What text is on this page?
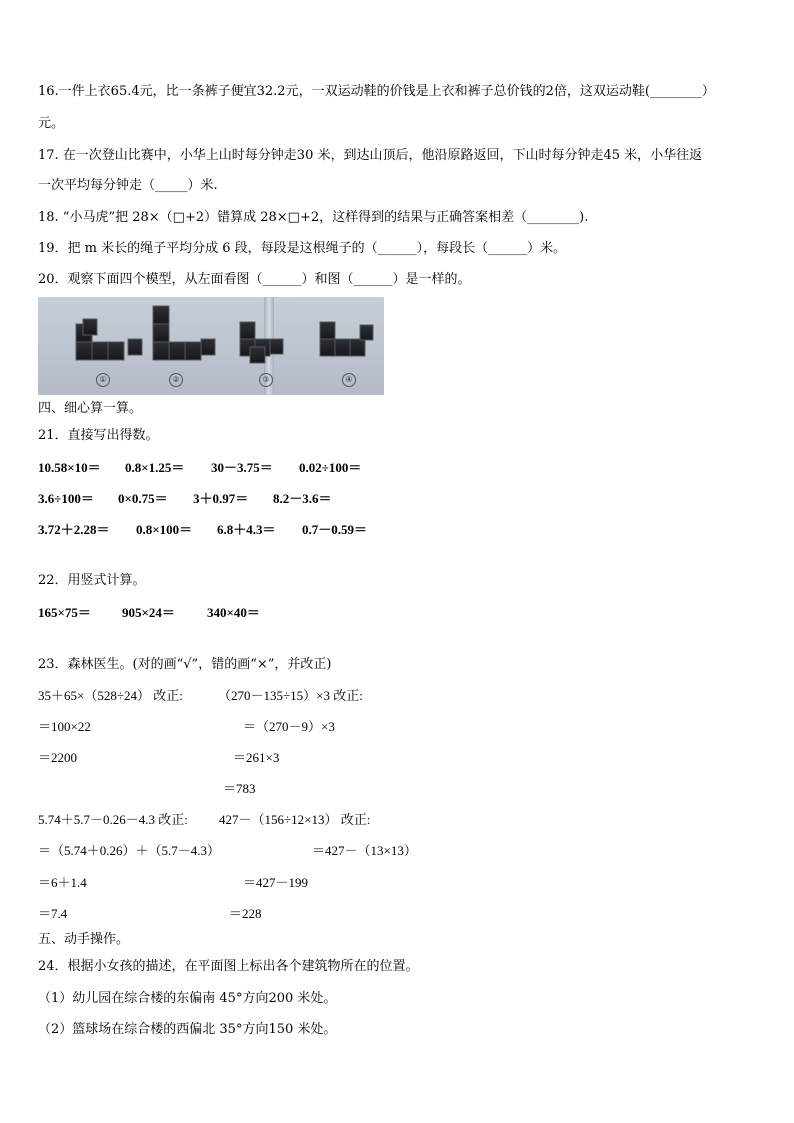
16.一件上衣65.4元，比一条裤子便宜32.2元，一双运动鞋的价钱是上衣和裤子总价钱的2倍，这双运动鞋(________）
元。
17. 在一次登山比赛中，小华上山时每分钟走30 米，到达山顶后，他沿原路返回，下山时每分钟走45 米，小华往返
一次平均每分钟走（_____）米.
18. “小马虎”把 28×（□+2）错算成 28×□+2，这样得到的结果与正确答案相差（________).
19．把 m 米长的绳子平均分成 6 段，每段是这根绳子的（______），每段长（______）米。
20．观察下面四个模型，从左面看图（______）和图（______）是一样的。
①	②	③	④
四、细心算一算。
21．直接写出得数。
10.58×10＝ 0.8×1.25＝ 30－3.75＝ 0.02÷100＝
3.6÷100＝ 0×0.75＝ 3＋0.97＝ 8.2－3.6＝
3.72＋2.28＝ 0.8×100＝ 6.8＋4.3＝ 0.7－0.59＝
22．用竖式计算。
165×75＝ 905×24＝ 340×40＝
23．森林医生。(对的画“√”，错的画“×”，并改正)
35＋65×（528÷24） 改正:	（270－135÷15）×3 改正:
＝100×22	＝（270－9）×3
＝2200	＝261×3
＝783
5.74＋5.7－0.26－4.3 改正: 427－（156÷12×13） 改正:
＝（5.74＋0.26）＋（5.7－4.3）	＝427－（13×13）
＝6＋1.4	＝427－199
＝7.4	＝228
五、动手操作。
24．根据小女孩的描述，在平面图上标出各个建筑物所在的位置。
（1）幼儿园在综合楼的东偏南 45°方向200 米处。
（2）篮球场在综合楼的西偏北 35°方向150 米处。
